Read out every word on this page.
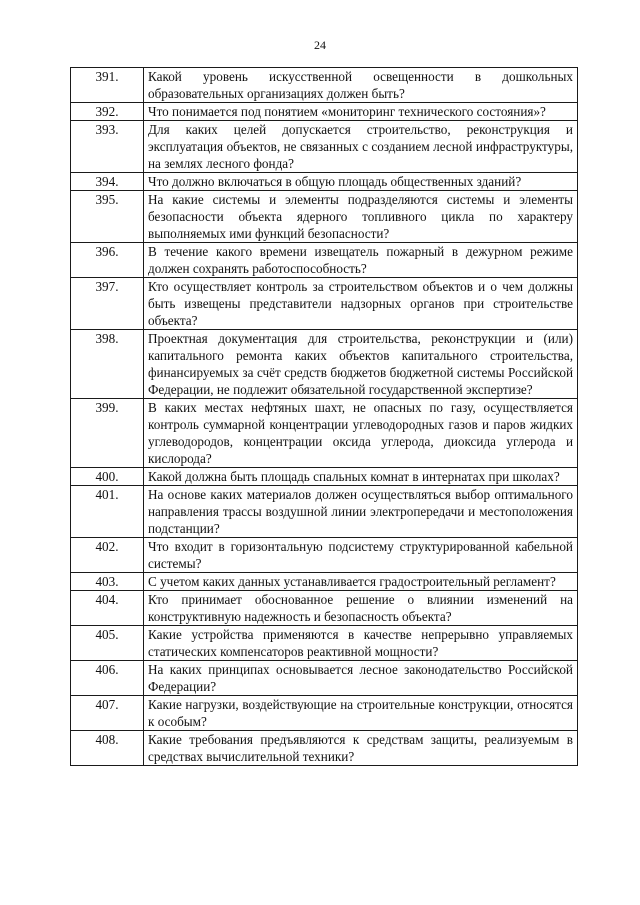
24
391.	Какой уровень искусственной освещенности в дошкольных образовательных организациях должен быть?
392.	Что понимается под понятием «мониторинг технического состояния»?
393.	Для каких целей допускается строительство, реконструкция и эксплуатация объектов, не связанных с созданием лесной инфраструктуры, на землях лесного фонда?
394.	Что должно включаться в общую площадь общественных зданий?
395.	На какие системы и элементы подразделяются системы и элементы безопасности объекта ядерного топливного цикла по характеру выполняемых ими функций безопасности?
396.	В течение какого времени извещатель пожарный в дежурном режиме должен сохранять работоспособность?
397.	Кто осуществляет контроль за строительством объектов и о чем должны быть извещены представители надзорных органов при строительстве объекта?
398.	Проектная документация для строительства, реконструкции и (или) капитального ремонта каких объектов капитального строительства, финансируемых за счёт средств бюджетов бюджетной системы Российской Федерации, не подлежит обязательной государственной экспертизе?
399.	В каких местах нефтяных шахт, не опасных по газу, осуществляется контроль суммарной концентрации углеводородных газов и паров жидких углеводородов, концентрации оксида углерода, диоксида углерода и кислорода?
400.	Какой должна быть площадь спальных комнат в интернатах при школах?
401.	На основе каких материалов должен осуществляться выбор оптимального направления трассы воздушной линии электропередачи и местоположения подстанции?
402.	Что входит в горизонтальную подсистему структурированной кабельной системы?
403.	С учетом каких данных устанавливается градостроительный регламент?
404.	Кто принимает обоснованное решение о влиянии изменений на конструктивную надежность и безопасность объекта?
405.	Какие устройства применяются в качестве непрерывно управляемых статических компенсаторов реактивной мощности?
406.	На каких принципах основывается лесное законодательство Российской Федерации?
407.	Какие нагрузки, воздействующие на строительные конструкции, относятся к особым?
408.	Какие требования предъявляются к средствам защиты, реализуемым в средствах вычислительной техники?
